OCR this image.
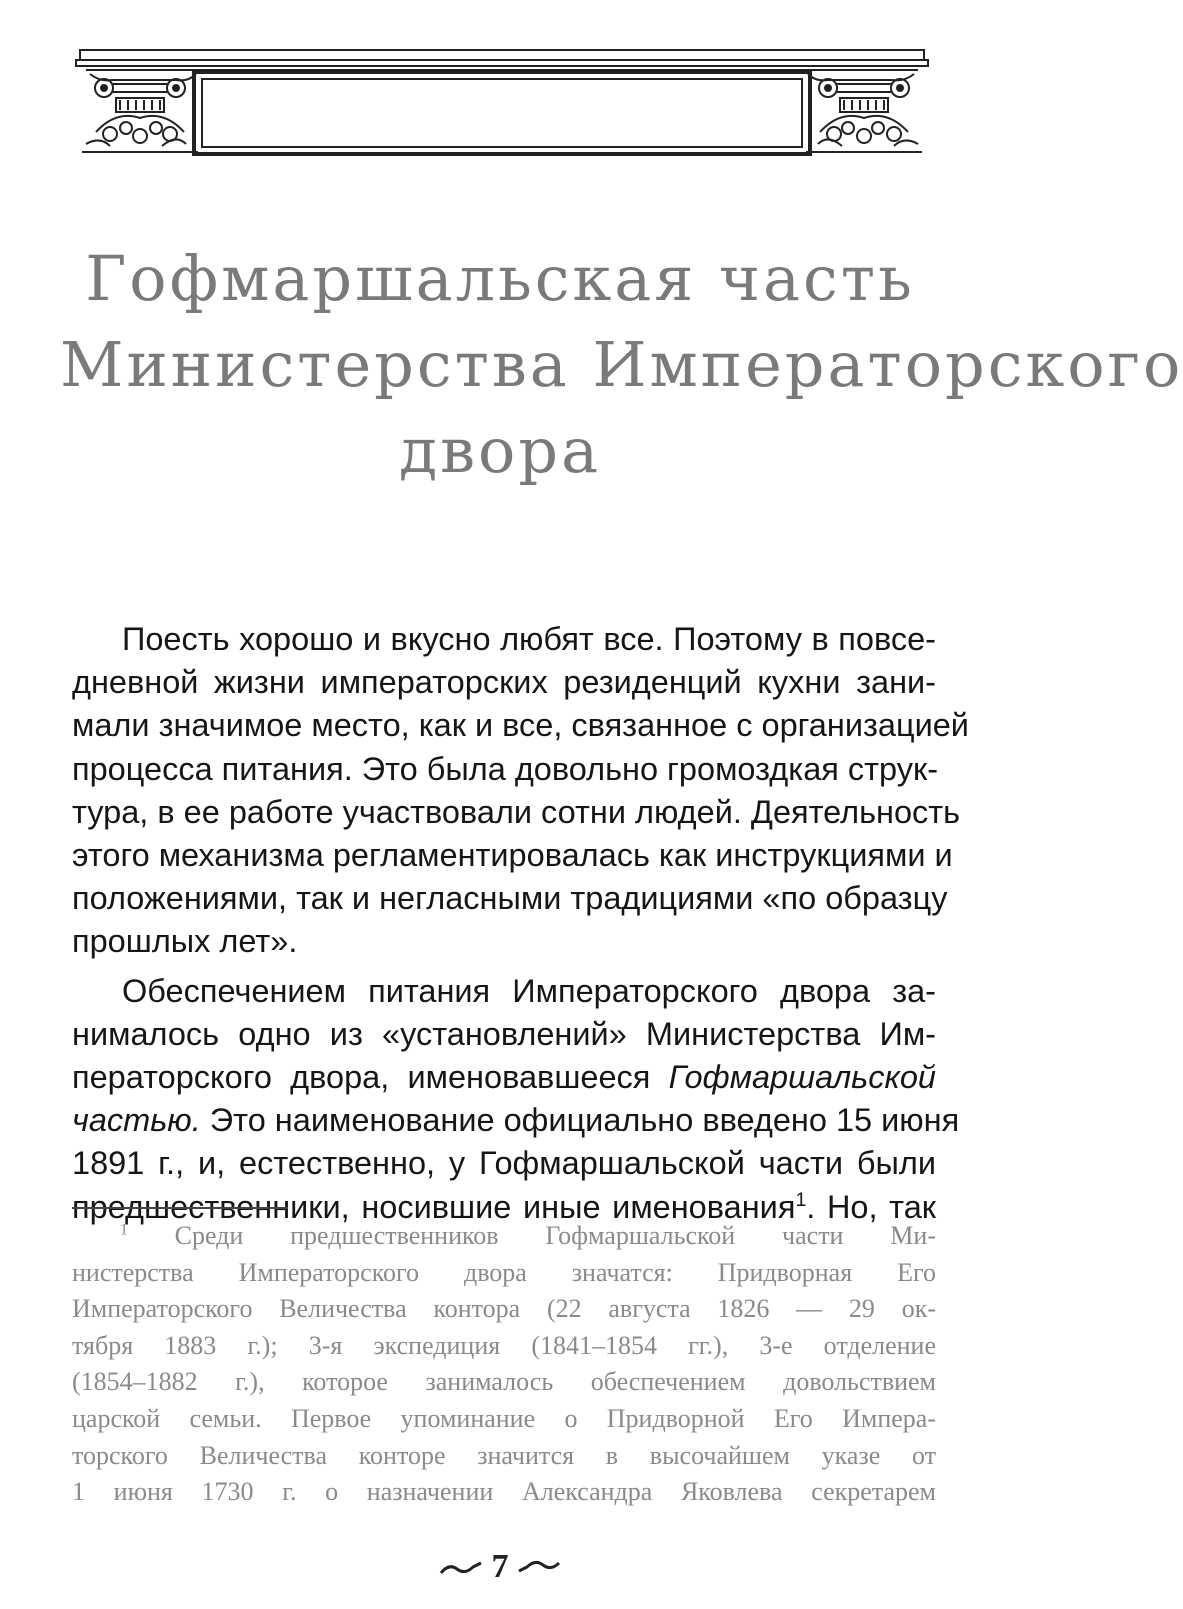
Гофмаршальская часть
Министерства Императорского
двора

Поесть хорошо и вкусно любят все. Поэтому в повсе-
дневной жизни императорских резиденций кухни зани-
мали значимое место, как и все, связанное с организацией
процесса питания. Это была довольно громоздкая струк-
тура, в ее работе участвовали сотни людей. Деятельность
этого механизма регламентировалась как инструкциями и
положениями, так и негласными традициями «по образцу
прошлых лет».

Обеспечением питания Императорского двора за-
нималось одно из «установлений» Министерства Им-
ператорского двора, именовавшееся Гофмаршальской
частью. Это наименование официально введено 15 июня
1891 г., и, естественно, у Гофмаршальской части были
предшественники, носившие иные именования$^1$. Но, так

$^1$ Среди предшественников Гофмаршальской части Ми-
нистерства Императорского двора значатся: Придворная Его
Императорского Величества контора (22 августа 1826 — 29 ок-
тября 1883 г.); 3-я экспедиция (1841–1854 гг.), 3-е отделение
(1854–1882 г.), которое занималось обеспечением довольствием
царской семьи. Первое упоминание о Придворной Его Импера-
торского Величества конторе значится в высочайшем указе от
1 июня 1730 г. о назначении Александра Яковлева секретарем
7
